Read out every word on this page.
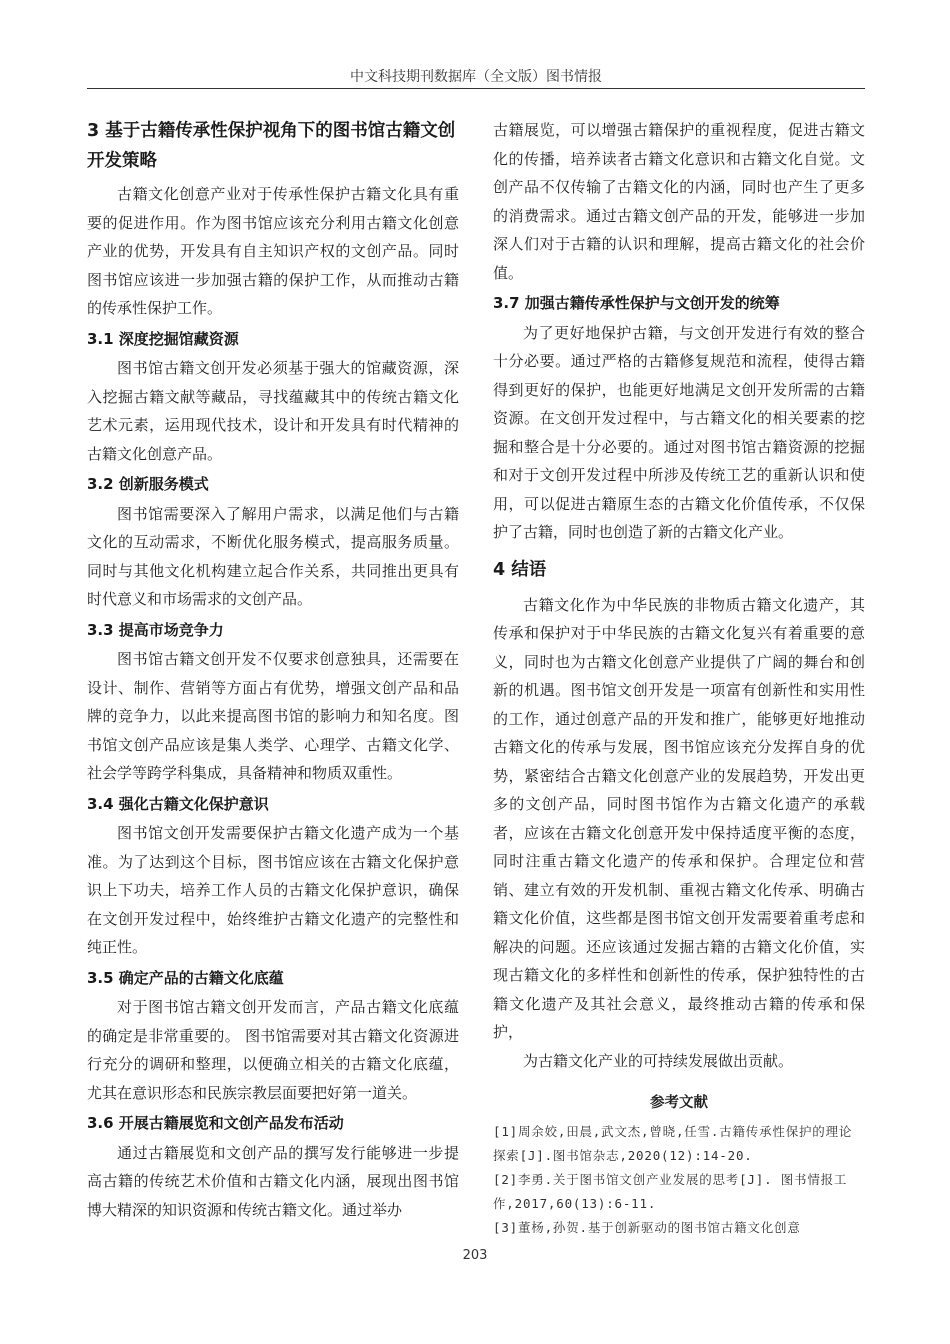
中文科技期刊数据库（全文版）图书情报
3 基于古籍传承性保护视角下的图书馆古籍文创开发策略

古籍文化创意产业对于传承性保护古籍文化具有重要的促进作用。作为图书馆应该充分利用古籍文化创意产业的优势，开发具有自主知识产权的文创产品。同时图书馆应该进一步加强古籍的保护工作，从而推动古籍的传承性保护工作。

3.1 深度挖掘馆藏资源

图书馆古籍文创开发必须基于强大的馆藏资源，深入挖掘古籍文献等藏品，寻找蕴藏其中的传统古籍文化艺术元素，运用现代技术，设计和开发具有时代精神的古籍文化创意产品。

3.2 创新服务模式

图书馆需要深入了解用户需求，以满足他们与古籍文化的互动需求，不断优化服务模式，提高服务质量。同时与其他文化机构建立起合作关系，共同推出更具有时代意义和市场需求的文创产品。

3.3 提高市场竞争力

图书馆古籍文创开发不仅要求创意独具，还需要在设计、制作、营销等方面占有优势，增强文创产品和品牌的竞争力，以此来提高图书馆的影响力和知名度。图书馆文创产品应该是集人类学、心理学、古籍文化学、社会学等跨学科集成，具备精神和物质双重性。

3.4 强化古籍文化保护意识

图书馆文创开发需要保护古籍文化遗产成为一个基准。为了达到这个目标，图书馆应该在古籍文化保护意识上下功夫，培养工作人员的古籍文化保护意识，确保在文创开发过程中，始终维护古籍文化遗产的完整性和纯正性。

3.5 确定产品的古籍文化底蕴

对于图书馆古籍文创开发而言，产品古籍文化底蕴的确定是非常重要的。 图书馆需要对其古籍文化资源进行充分的调研和整理，以便确立相关的古籍文化底蕴，尤其在意识形态和民族宗教层面要把好第一道关。

3.6 开展古籍展览和文创产品发布活动

通过古籍展览和文创产品的撰写发行能够进一步提高古籍的传统艺术价值和古籍文化内涵，展现出图书馆博大精深的知识资源和传统古籍文化。通过举办

古籍展览，可以增强古籍保护的重视程度，促进古籍文化的传播，培养读者古籍文化意识和古籍文化自觉。文创产品不仅传输了古籍文化的内涵，同时也产生了更多的消费需求。通过古籍文创产品的开发，能够进一步加深人们对于古籍的认识和理解，提高古籍文化的社会价值。

3.7 加强古籍传承性保护与文创开发的统筹

为了更好地保护古籍，与文创开发进行有效的整合十分必要。通过严格的古籍修复规范和流程，使得古籍得到更好的保护，也能更好地满足文创开发所需的古籍资源。在文创开发过程中，与古籍文化的相关要素的挖掘和整合是十分必要的。通过对图书馆古籍资源的挖掘和对于文创开发过程中所涉及传统工艺的重新认识和使用，可以促进古籍原生态的古籍文化价值传承，不仅保护了古籍，同时也创造了新的古籍文化产业。

4 结语

古籍文化作为中华民族的非物质古籍文化遗产，其传承和保护对于中华民族的古籍文化复兴有着重要的意义，同时也为古籍文化创意产业提供了广阔的舞台和创新的机遇。图书馆文创开发是一项富有创新性和实用性的工作，通过创意产品的开发和推广，能够更好地推动古籍文化的传承与发展，图书馆应该充分发挥自身的优势，紧密结合古籍文化创意产业的发展趋势，开发出更多的文创产品，同时图书馆作为古籍文化遗产的承载者，应该在古籍文化创意开发中保持适度平衡的态度，同时注重古籍文化遗产的传承和保护。合理定位和营销、建立有效的开发机制、重视古籍文化传承、明确古籍文化价值，这些都是图书馆文创开发需要着重考虑和解决的问题。还应该通过发掘古籍的古籍文化价值，实现古籍文化的多样性和创新性的传承，保护独特性的古籍文化遗产及其社会意义，最终推动古籍的传承和保护，

为古籍文化产业的可持续发展做出贡献。

参考文献
[1]周余姣,田晨,武文杰,曾晓,任雪.古籍传承性保护的理论探索[J].图书馆杂志,2020(12):14-20.
[2]李勇.关于图书馆文创产业发展的思考[J]. 图书情报工作,2017,60(13):6-11.
[3]董杨,孙贺.基于创新驱动的图书馆古籍文化创意
203
